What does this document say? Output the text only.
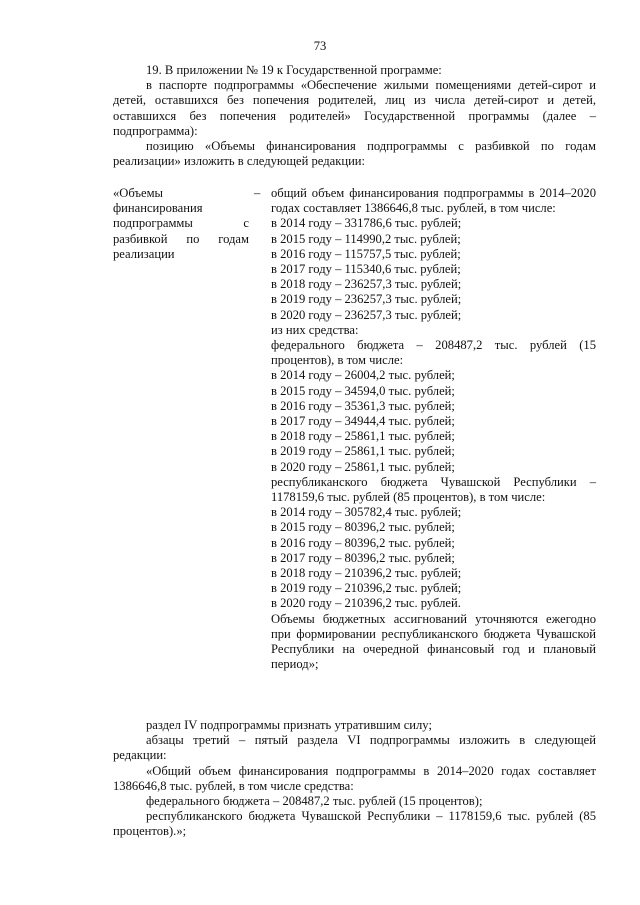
73
19. В приложении № 19 к Государственной программе:
в паспорте подпрограммы «Обеспечение жилыми помещениями детей-сирот и детей, оставшихся без попечения родителей, лиц из числа детей-сирот и детей, оставшихся без попечения родителей» Государственной программы (далее – подпрограмма):
позицию «Объемы финансирования подпрограммы с разбивкой по годам реализации» изложить в следующей редакции:
«Объемы финансирования подпрограммы с разбивкой по годам реализации
– общий объем финансирования подпрограммы в 2014–2020 годах составляет 1386646,8 тыс. рублей, в том числе:
в 2014 году – 331786,6 тыс. рублей;
в 2015 году – 114990,2 тыс. рублей;
в 2016 году – 115757,5 тыс. рублей;
в 2017 году – 115340,6 тыс. рублей;
в 2018 году – 236257,3 тыс. рублей;
в 2019 году – 236257,3 тыс. рублей;
в 2020 году – 236257,3 тыс. рублей;
из них средства:
федерального бюджета – 208487,2 тыс. рублей (15 процентов), в том числе:
в 2014 году – 26004,2 тыс. рублей;
в 2015 году – 34594,0 тыс. рублей;
в 2016 году – 35361,3 тыс. рублей;
в 2017 году – 34944,4 тыс. рублей;
в 2018 году – 25861,1 тыс. рублей;
в 2019 году – 25861,1 тыс. рублей;
в 2020 году – 25861,1 тыс. рублей;
республиканского бюджета Чувашской Республики – 1178159,6 тыс. рублей (85 процентов), в том числе:
в 2014 году – 305782,4 тыс. рублей;
в 2015 году – 80396,2 тыс. рублей;
в 2016 году – 80396,2 тыс. рублей;
в 2017 году – 80396,2 тыс. рублей;
в 2018 году – 210396,2 тыс. рублей;
в 2019 году – 210396,2 тыс. рублей;
в 2020 году – 210396,2 тыс. рублей.
Объемы бюджетных ассигнований уточняются ежегодно при формировании республиканского бюджета Чувашской Республики на очередной финансовый год и плановый период»;
раздел IV подпрограммы признать утратившим силу;
абзацы третий – пятый раздела VI подпрограммы изложить в следующей редакции:
«Общий объем финансирования подпрограммы в 2014–2020 годах составляет 1386646,8 тыс. рублей, в том числе средства:
федерального бюджета – 208487,2 тыс. рублей (15 процентов);
республиканского бюджета Чувашской Республики – 1178159,6 тыс. рублей (85 процентов).»;
